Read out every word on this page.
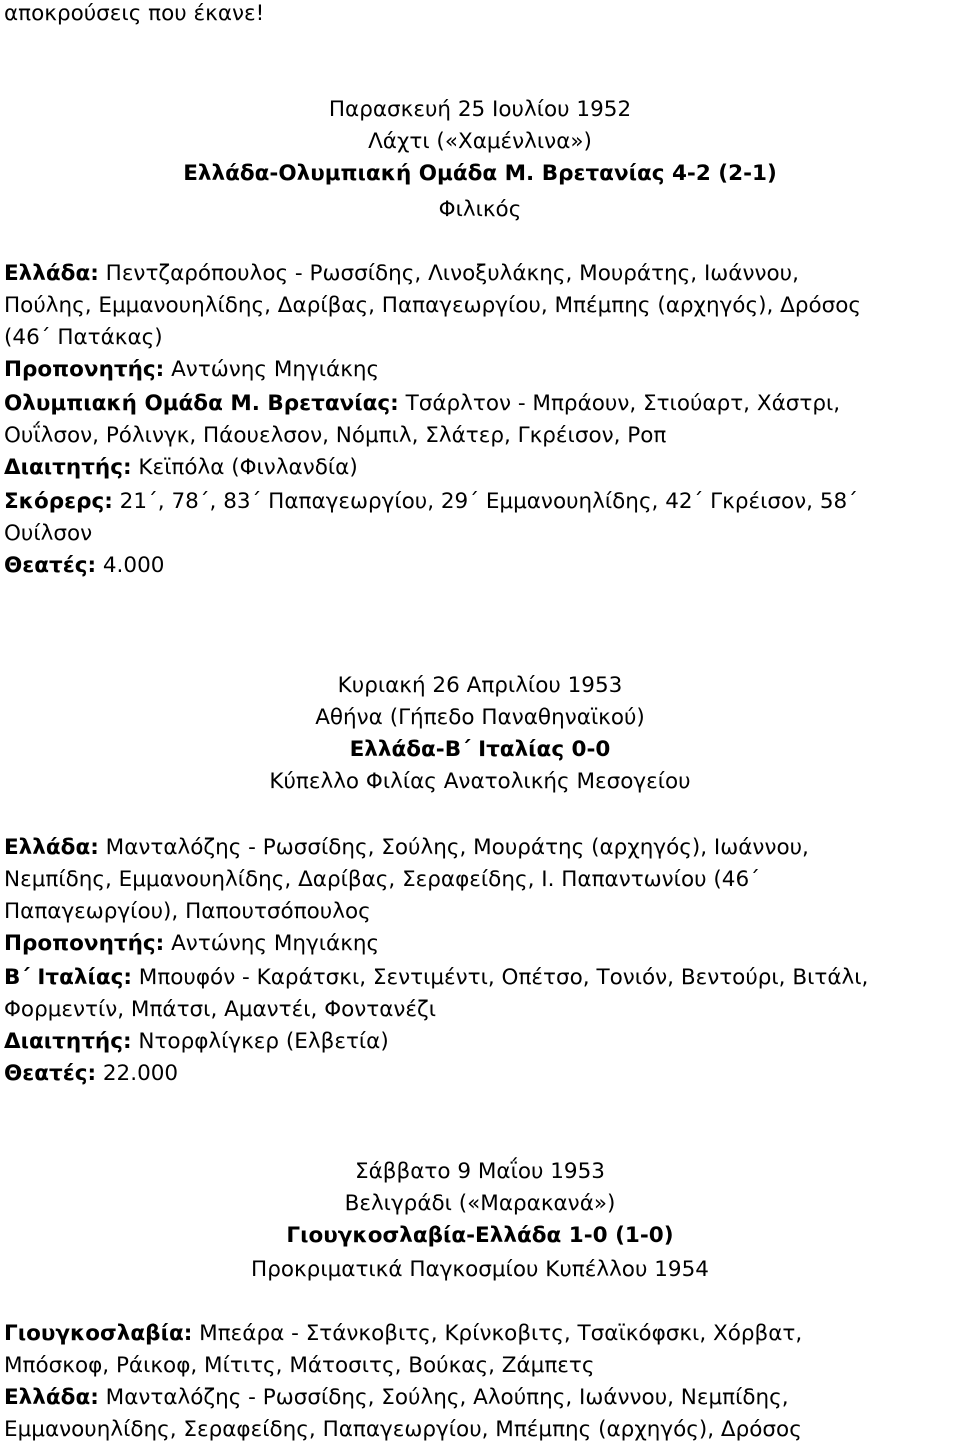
αποκρούσεις που έκανε!
Παρασκευή 25 Ιουλίου 1952
Λάχτι («Χαμένλινα»)
Ελλάδα-Ολυμπιακή Ομάδα Μ. Βρετανίας 4-2 (2-1)
Φιλικός
Ελλάδα: Πεντζαρόπουλος - Ρωσσίδης, Λινοξυλάκης, Μουράτης, Ιωάννου,
Πούλης, Εμμανουηλίδης, Δαρίβας, Παπαγεωργίου, Μπέμπης (αρχηγός), Δρόσος
(46΄ Πατάκας)
Προπονητής: Αντώνης Μηγιάκης
Ολυμπιακή Ομάδα Μ. Βρετανίας: Τσάρλτον - Μπράουν, Στιούαρτ, Χάστρι,
Ουΐλσον, Ρόλινγκ, Πάουελσον, Νόμπιλ, Σλάτερ, Γκρέισον, Ροπ
Διαιτητής: Κεϊπόλα (Φινλανδία)
Σκόρερς: 21΄, 78΄, 83΄ Παπαγεωργίου, 29΄ Εμμανουηλίδης, 42΄ Γκρέισον, 58΄
Ουίλσον
Θεατές: 4.000
Κυριακή 26 Απριλίου 1953
Αθήνα (Γήπεδο Παναθηναϊκού)
Ελλάδα-Β΄ Ιταλίας 0-0
Κύπελλο Φιλίας Ανατολικής Μεσογείου
Ελλάδα: Μανταλόζης - Ρωσσίδης, Σούλης, Μουράτης (αρχηγός), Ιωάννου,
Νεμπίδης, Εμμανουηλίδης, Δαρίβας, Σεραφείδης, Ι. Παπαντωνίου (46΄
Παπαγεωργίου), Παπουτσόπουλος
Προπονητής: Αντώνης Μηγιάκης
Β΄ Ιταλίας: Μπουφόν - Καράτσκι, Σεντιμέντι, Οπέτσο, Τονιόν, Βεντούρι, Βιτάλι,
Φορμεντίν, Μπάτσι, Αμαντέι, Φοντανέζι
Διαιτητής: Ντορφλίγκερ (Ελβετία)
Θεατές: 22.000
Σάββατο 9 Μαΐου 1953
Βελιγράδι («Μαρακανά»)
Γιουγκοσλαβία-Ελλάδα 1-0 (1-0)
Προκριματικά Παγκοσμίου Κυπέλλου 1954
Γιουγκοσλαβία: Μπεάρα - Στάνκοβιτς, Κρίνκοβιτς, Τσαϊκόφσκι, Χόρβατ,
Μπόσκοφ, Ράικοφ, Μίτιτς, Μάτοσιτς, Βούκας, Ζάμπετς
Ελλάδα: Μανταλόζης - Ρωσσίδης, Σούλης, Αλούπης, Ιωάννου, Νεμπίδης,
Εμμανουηλίδης, Σεραφείδης, Παπαγεωργίου, Μπέμπης (αρχηγός), Δρόσος
